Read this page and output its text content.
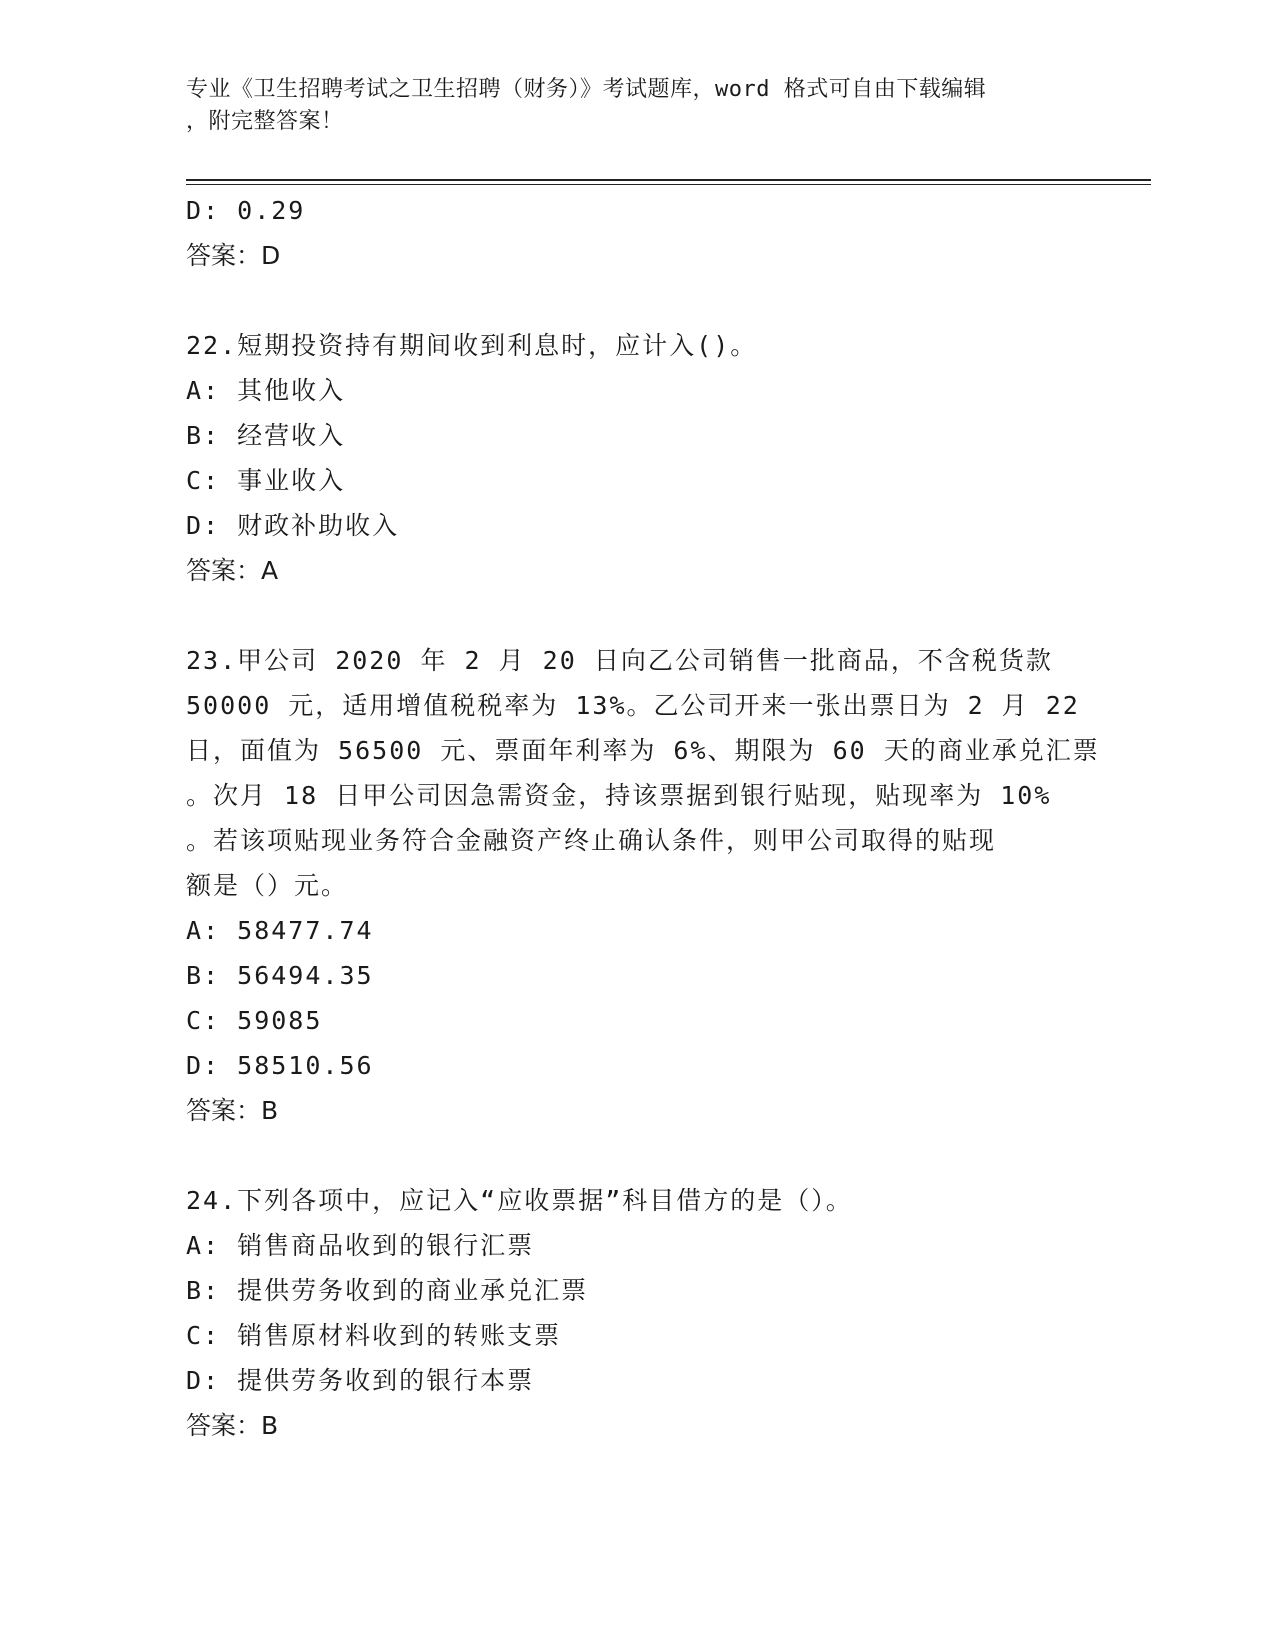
专业《卫生招聘考试之卫生招聘（财务）》考试题库，word 格式可自由下载编辑
，附完整答案！
D: 0.29
答案：D
22.短期投资持有期间收到利息时，应计入()。
A: 其他收入
B: 经营收入
C: 事业收入
D: 财政补助收入
答案：A
23.甲公司 2020 年 2 月 20 日向乙公司销售一批商品，不含税货款
50000 元，适用增值税税率为 13%。乙公司开来一张出票日为 2 月 22
日，面值为 56500 元、票面年利率为 6%、期限为 60 天的商业承兑汇票
。次月 18 日甲公司因急需资金，持该票据到银行贴现，贴现率为 10%
。若该项贴现业务符合金融资产终止确认条件，则甲公司取得的贴现
额是（）元。
A: 58477.74
B: 56494.35
C: 59085
D: 58510.56
答案：B
24.下列各项中，应记入“应收票据”科目借方的是（）。
A: 销售商品收到的银行汇票
B: 提供劳务收到的商业承兑汇票
C: 销售原材料收到的转账支票
D: 提供劳务收到的银行本票
答案：B
